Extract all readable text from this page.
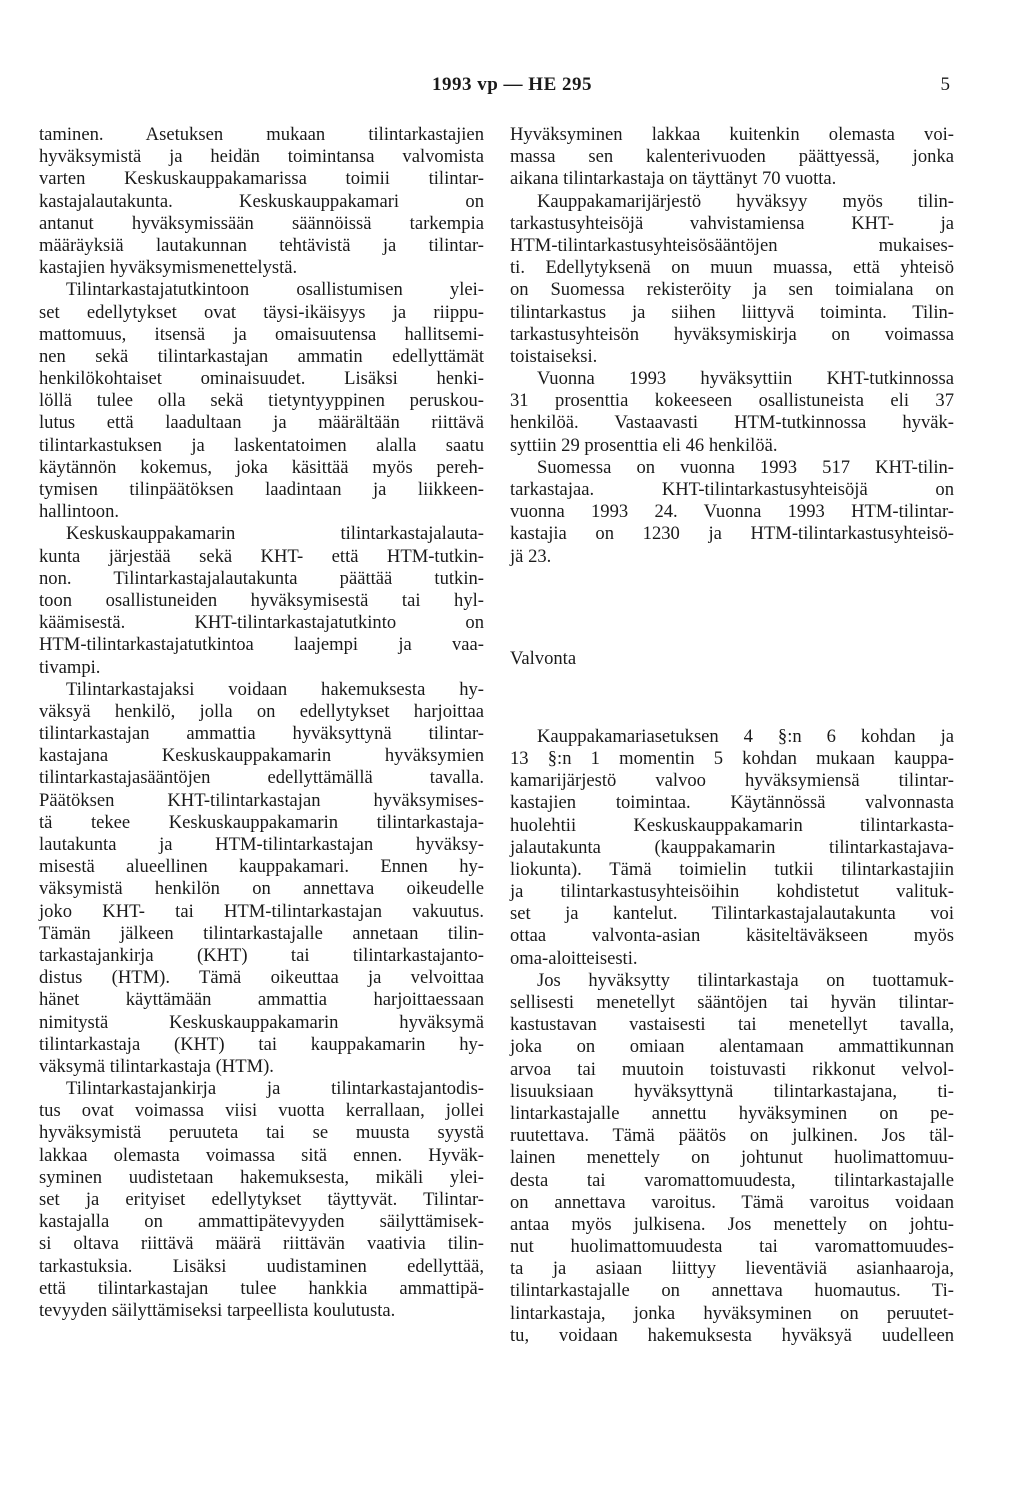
1993 vp — HE 295	5
taminen. Asetuksen mukaan tilintarkastajien
hyväksymistä ja heidän toimintansa valvomista
varten Keskuskauppakamarissa toimii tilintar-
kastajalautakunta. Keskuskauppakamari on
antanut hyväksymissään säännöissä tarkempia
määräyksiä lautakunnan tehtävistä ja tilintar-
kastajien hyväksymismenettelystä.
Tilintarkastajatutkintoon osallistumisen ylei-
set edellytykset ovat täysi-ikäisyys ja riippu-
mattomuus, itsensä ja omaisuutensa hallitsemi-
nen sekä tilintarkastajan ammatin edellyttämät
henkilökohtaiset ominaisuudet. Lisäksi henki-
löllä tulee olla sekä tietyntyyppinen peruskou-
lutus että laadultaan ja määrältään riittävä
tilintarkastuksen ja laskentatoimen alalla saatu
käytännön kokemus, joka käsittää myös pereh-
tymisen tilinpäätöksen laadintaan ja liikkeen-
hallintoon.
Keskuskauppakamarin tilintarkastajalauta-
kunta järjestää sekä KHT- että HTM-tutkin-
non. Tilintarkastajalautakunta päättää tutkin-
toon osallistuneiden hyväksymisestä tai hyl-
käämisestä. KHT-tilintarkastajatutkinto on
HTM-tilintarkastajatutkintoa laajempi ja vaa-
tivampi.
Tilintarkastajaksi voidaan hakemuksesta hy-
väksyä henkilö, jolla on edellytykset harjoittaa
tilintarkastajan ammattia hyväksyttynä tilintar-
kastajana Keskuskauppakamarin hyväksymien
tilintarkastajasääntöjen edellyttämällä tavalla.
Päätöksen KHT-tilintarkastajan hyväksymises-
tä tekee Keskuskauppakamarin tilintarkastaja-
lautakunta ja HTM-tilintarkastajan hyväksy-
misestä alueellinen kauppakamari. Ennen hy-
väksymistä henkilön on annettava oikeudelle
joko KHT- tai HTM-tilintarkastajan vakuutus.
Tämän jälkeen tilintarkastajalle annetaan tilin-
tarkastajankirja (KHT) tai tilintarkastajanto-
distus (HTM). Tämä oikeuttaa ja velvoittaa
hänet käyttämään ammattia harjoittaessaan
nimitystä Keskuskauppakamarin hyväksymä
tilintarkastaja (KHT) tai kauppakamarin hy-
väksymä tilintarkastaja (HTM).
Tilintarkastajankirja ja tilintarkastajantodis-
tus ovat voimassa viisi vuotta kerrallaan, jollei
hyväksymistä peruuteta tai se muusta syystä
lakkaa olemasta voimassa sitä ennen. Hyväk-
syminen uudistetaan hakemuksesta, mikäli ylei-
set ja erityiset edellytykset täyttyvät. Tilintar-
kastajalla on ammattipätevyyden säilyttämisek-
si oltava riittävä määrä riittävän vaativia tilin-
tarkastuksia. Lisäksi uudistaminen edellyttää,
että tilintarkastajan tulee hankkia ammattipä-
tevyyden säilyttämiseksi tarpeellista koulutusta.
Hyväksyminen lakkaa kuitenkin olemasta voi-
massa sen kalenterivuoden päättyessä, jonka
aikana tilintarkastaja on täyttänyt 70 vuotta.
Kauppakamarijärjestö hyväksyy myös tilin-
tarkastusyhteisöjä vahvistamiensa KHT- ja
HTM-tilintarkastusyhteisösääntöjen mukaises-
ti. Edellytyksenä on muun muassa, että yhteisö
on Suomessa rekisteröity ja sen toimialana on
tilintarkastus ja siihen liittyvä toiminta. Tilin-
tarkastusyhteisön hyväksymiskirja on voimassa
toistaiseksi.
Vuonna 1993 hyväksyttiin KHT-tutkinnossa
31 prosenttia kokeeseen osallistuneista eli 37
henkilöä. Vastaavasti HTM-tutkinnossa hyväk-
syttiin 29 prosenttia eli 46 henkilöä.
Suomessa on vuonna 1993 517 KHT-tilin-
tarkastajaa. KHT-tilintarkastusyhteisöjä on
vuonna 1993 24. Vuonna 1993 HTM-tilintar-
kastajia on 1230 ja HTM-tilintarkastusyhteisö-
jä 23.
Valvonta
Kauppakamariasetuksen 4 §:n 6 kohdan ja
13 §:n 1 momentin 5 kohdan mukaan kauppa-
kamarijärjestö valvoo hyväksymiensä tilintar-
kastajien toimintaa. Käytännössä valvonnasta
huolehtii Keskuskauppakamarin tilintarkasta-
jalautakunta (kauppakamarin tilintarkastajava-
liokunta). Tämä toimielin tutkii tilintarkastajiin
ja tilintarkastusyhteisöihin kohdistetut valituk-
set ja kantelut. Tilintarkastajalautakunta voi
ottaa valvonta-asian käsiteltäväkseen myös
oma-aloitteisesti.
Jos hyväksytty tilintarkastaja on tuottamuk-
sellisesti menetellyt sääntöjen tai hyvän tilintar-
kastustavan vastaisesti tai menetellyt tavalla,
joka on omiaan alentamaan ammattikunnan
arvoa tai muutoin toistuvasti rikkonut velvol-
lisuuksiaan hyväksyttynä tilintarkastajana, ti-
lintarkastajalle annettu hyväksyminen on pe-
ruutettava. Tämä päätös on julkinen. Jos täl-
lainen menettely on johtunut huolimattomuu-
desta tai varomattomuudesta, tilintarkastajalle
on annettava varoitus. Tämä varoitus voidaan
antaa myös julkisena. Jos menettely on johtu-
nut huolimattomuudesta tai varomattomuudes-
ta ja asiaan liittyy lieventäviä asianhaaroja,
tilintarkastajalle on annettava huomautus. Ti-
lintarkastaja, jonka hyväksyminen on peruutet-
tu, voidaan hakemuksesta hyväksyä uudelleen
